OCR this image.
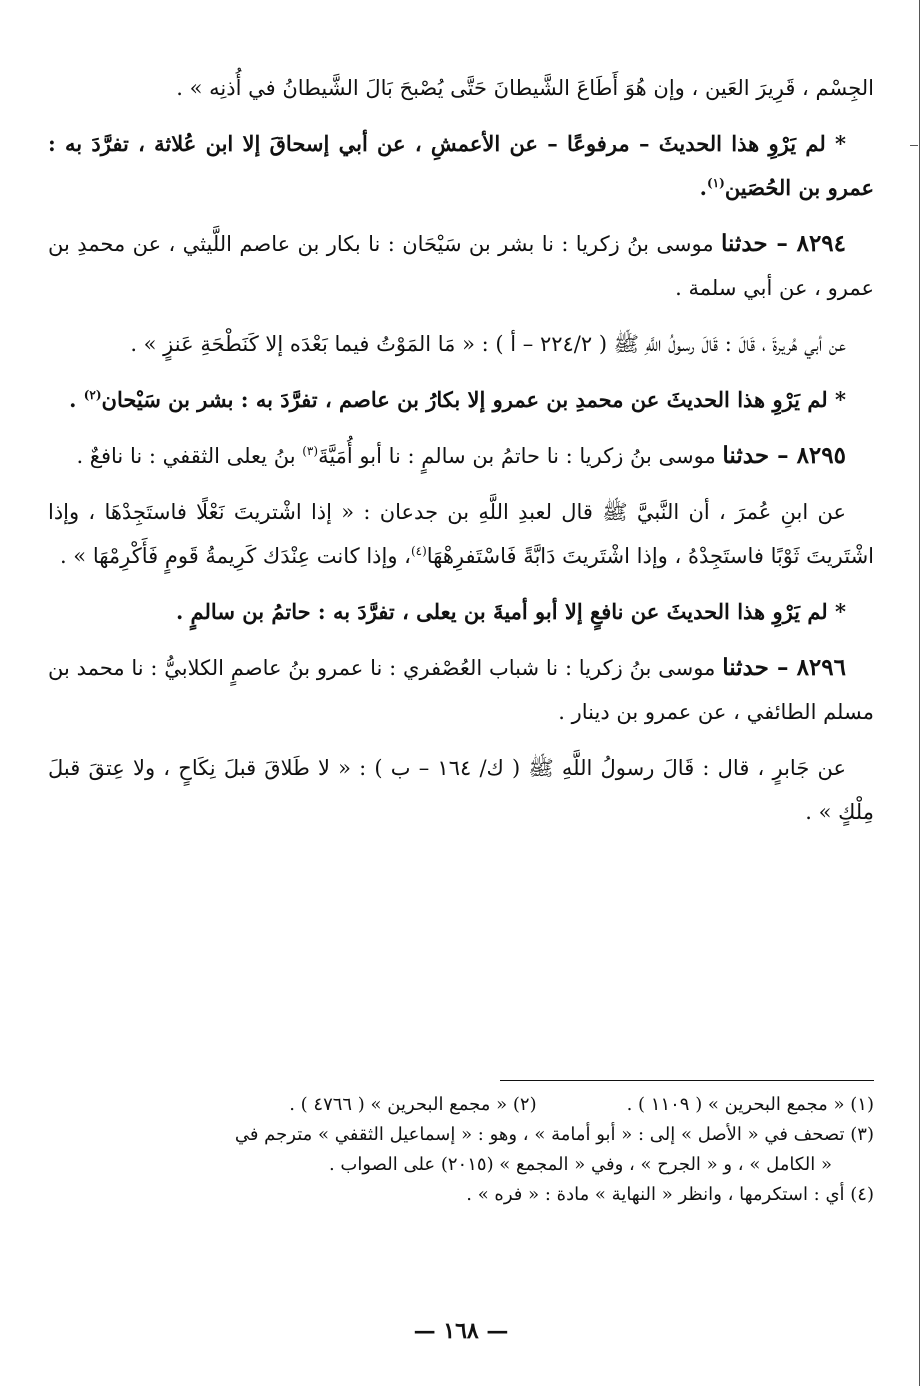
الجِسْم ، قَرِيرَ العَين ، وإن هُوَ أَطَاعَ الشَّيطانَ حَتَّى يُصْبحَ بَالَ الشَّيطانُ في أُذنِه » .

* لم يَرْوِ هذا الحديثَ – مرفوعًا – عن الأعمشِ ، عن أبي إسحاقَ إلا ابن عُلاثة ، تفرَّدَ به : عمرو بن الحُصَين$^{(١)}$.

٨٢٩٤ – حدثنا موسى بنُ زكريا : نا بشر بن سَيْحَان : نا بكار بن عاصم اللَّيثي ، عن محمدِ بن عمرو ، عن أبي سلمة .

عن أبي هُريرةَ ، قَالَ : قَالَ رسولُ اللَّهِ ﷺ ( ٢٢٤/٢ – أ ) : « مَا المَوْتُ فيما بَعْدَه إلا كَنَطْحَةِ عَنزٍ » .

* لم يَرْوِ هذا الحديثَ عن محمدِ بن عمرو إلا بكارُ بن عاصم ، تفرَّدَ به : بشر بن سَيْحان$^{(٢)}$ .

٨٢٩٥ – حدثنا موسى بنُ زكريا : نا حاتمُ بن سالمٍ : نا أبو أُمَيَّةَ$^{(٣)}$ بنُ يعلى الثقفي : نا نافعٌ .

عن ابنِ عُمرَ ، أن النَّبيَّ ﷺ قال لعبدِ اللَّهِ بن جدعان : « إذا اشْتريتَ نَعْلًا فاستَجِدْهَا ، وإذا اشْتَريتَ ثَوْبًا فاستَجِدْهُ ، وإذا اشْتَريتَ دَابَّةً فَاسْتَفرِهْهَا$^{(٤)}$، وإذا كانت عِنْدَك كَرِيمةُ قَومٍ فَأَكْرِمْهَا » .

* لم يَرْوِ هذا الحديثَ عن نافعٍ إلا أبو أميةَ بن يعلى ، تفرَّدَ به : حاتمُ بن سالمٍ .

٨٢٩٦ – حدثنا موسى بنُ زكريا : نا شباب العُصْفري : نا عمرو بنُ عاصمٍ الكلابيُّ : نا محمد بن مسلم الطائفي ، عن عمرو بن دينار .

عن جَابرٍ ، قال : قَالَ رسولُ اللَّهِ ﷺ ( ك/ ١٦٤ – ب ) : « لا طَلاقَ قبلَ نِكَاحٍ ، ولا عِتقَ قبلَ مِلْكٍ » .

(١) « مجمع البحرين » ( ١١٠٩ ) .
(٢) « مجمع البحرين » ( ٤٧٦٦ ) .

(٣) تصحف في « الأصل » إلى : « أبو أمامة » ، وهو : « إسماعيل الثقفي » مترجم في

« الكامل » ، و « الجرح » ، وفي « المجمع » (٢٠١٥) على الصواب .

(٤) أي : استكرمها ، وانظر « النهاية » مادة : « فره » .

— ١٦٨ —
